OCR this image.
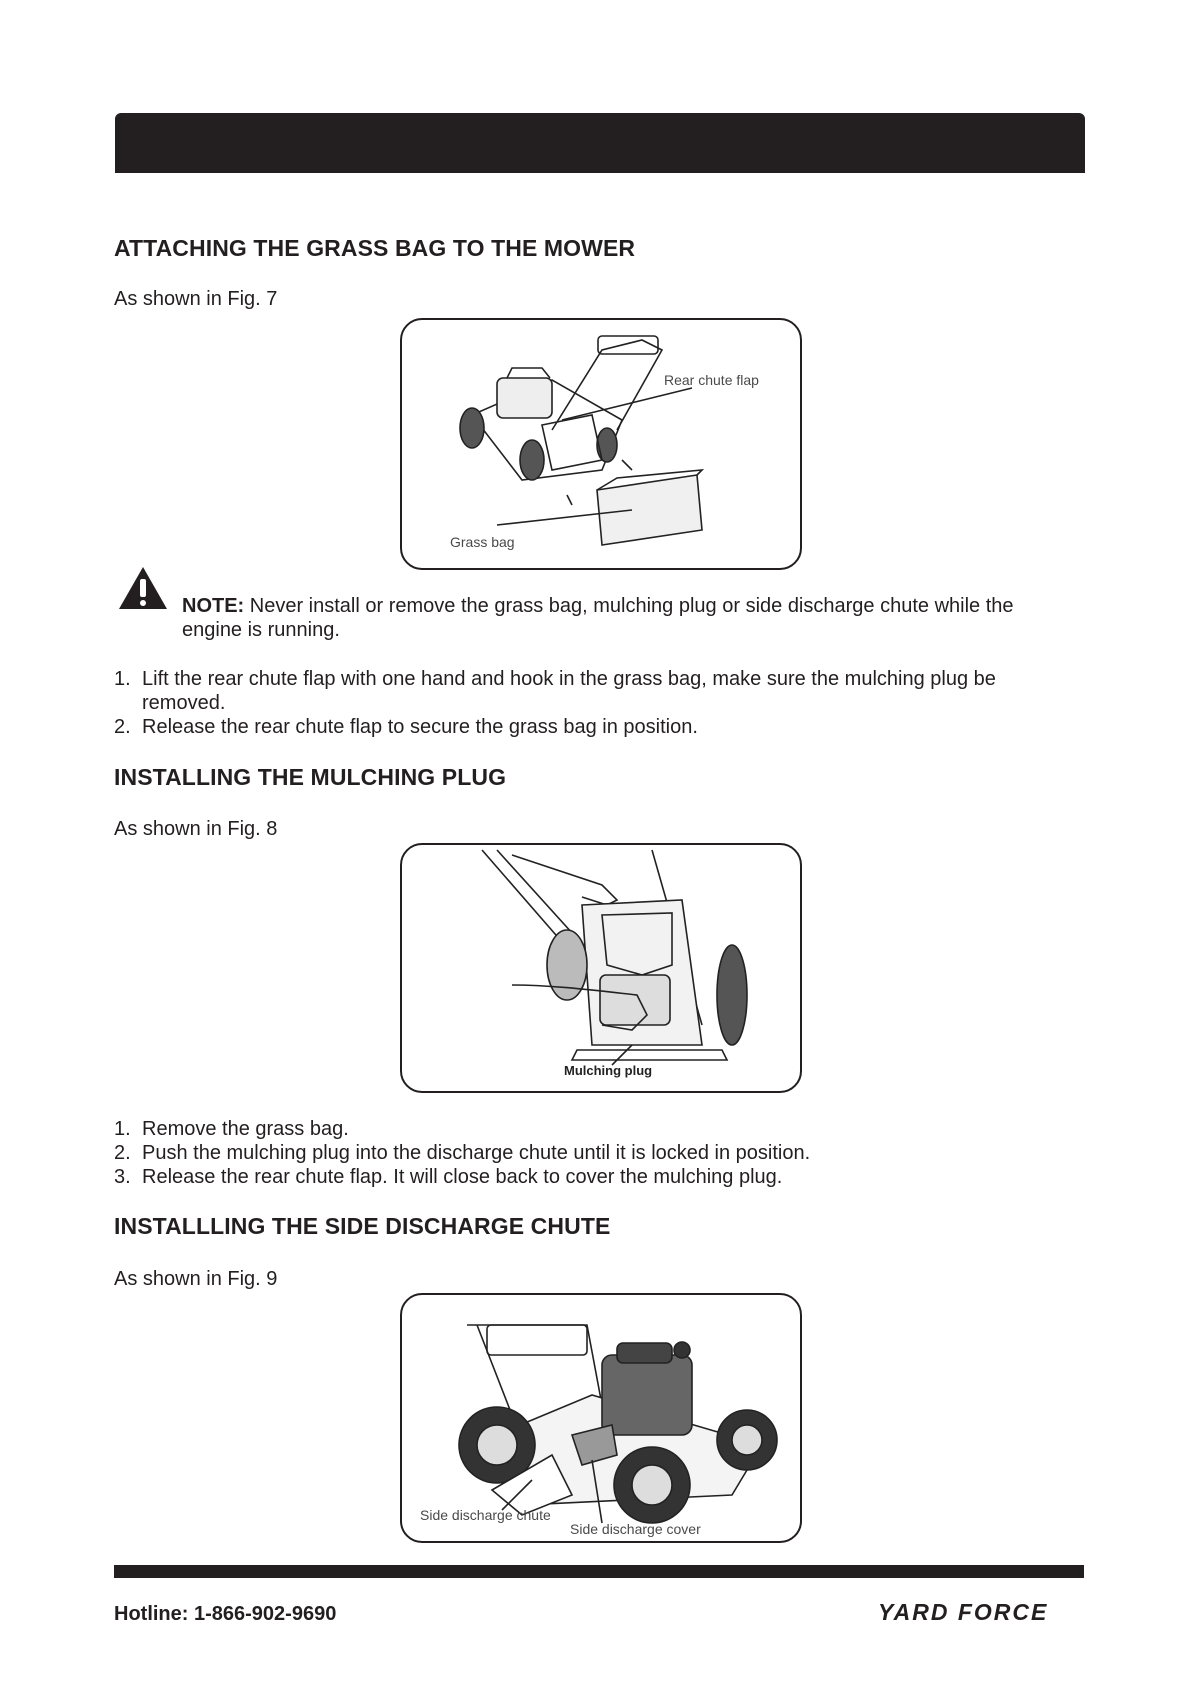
ATTACHING THE GRASS BAG TO THE MOWER

As shown in Fig. 7

Rear chute flap
Grass bag

NOTE: Never install or remove the grass bag, mulching plug or side discharge chute while the engine is running.

1. Lift the rear chute flap with one hand and hook in the grass bag, make sure the mulching plug be removed.
2. Release the rear chute flap to secure the grass bag in position.
INSTALLING THE MULCHING PLUG

As shown in Fig. 8

Mulching plug
1. Remove the grass bag.
2. Push the mulching plug into the discharge chute until it is locked in position.
3. Release the rear chute flap. It will close back to cover the mulching plug.
INSTALLLING THE SIDE DISCHARGE CHUTE

As shown in Fig. 9

Side discharge chute
Side discharge cover
Hotline: 1-866-902-9690	YARD FORCE
